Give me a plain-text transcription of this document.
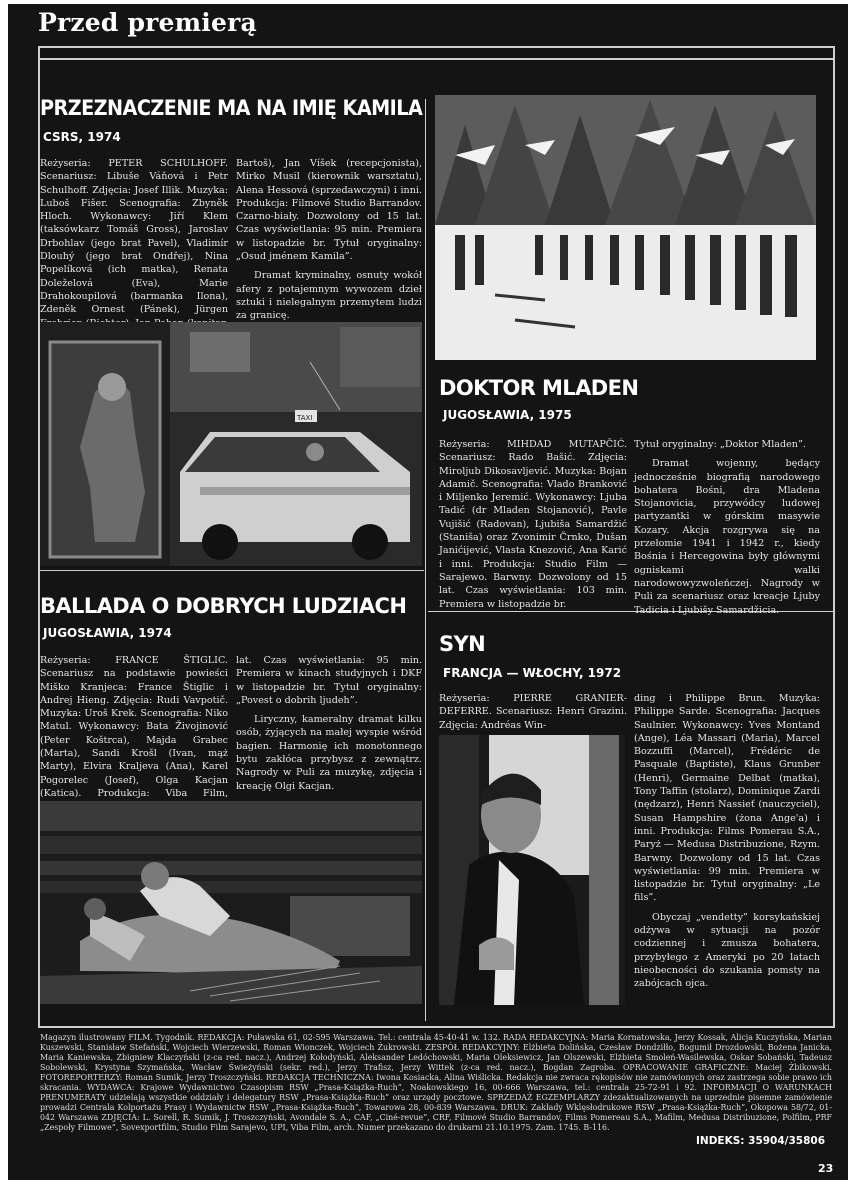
Przed premierą
PRZEZNACZENIE MA NA IMIĘ KAMILA
CSRS, 1974

Reżyseria: PETER SCHULHOFF. Scenariusz: Libuše Váňová i Petr Schulhoff. Zdjęcia: Josef Illik. Muzyka: Luboš Fišer. Scenografia: Zbyněk Hloch. Wykonawcy: Jiří Klem (taksówkarz Tomáš Gross), Jaroslav Drbohlav (jego brat Pavel), Vladimír Dlouhý (jego brat Ondřej), Nina Popelíková (ich matka), Renata Doleželová (Eva), Marie Drahokoupilová (barmanka Ilona), Zdeněk Ornest (Pánek), Jürgen

Bartoš), Jan Víšek (recepcjonista), Mirko Musil (kierownik warsztatu), Alena Hessová (sprzedawczyni) i inni. Produkcja: Filmové Studio Barrandov. Czarno-biały. Dozwolony od 15 lat. Czas wyświetlania: 95 min. Premiera w listopadzie br. Tytuł oryginalny: „Osud jménem Kamila”.

Dramat kryminalny, osnuty wokół afery z potajemnym wywozem dzieł sztuki i nielegalnym przemytem ludzi za granicę.

TAXI
BALLADA O DOBRYCH LUDZIACH
JUGOSŁAWIA, 1974

Reżyseria: FRANCE ŠTIGLIC. Scenariusz na podstawie powieści Miško Kranjeca: France Štiglic i Andrej Hieng. Zdjęcia: Rudi Vavpotič. Muzyka: Uroš Krek. Scenografia: Niko Matul. Wykonawcy: Bata Živojinović (Peter Koštrca), Majda Grabec (Marta), Sandi Krošl (Ivan, mąż Marty), Elvira Kraljeva (Ana), Karel Pogorelec (Josef), Olga Kacjan (Katica). Produkcja: Viba Film,

lat. Czas wyświetlania: 95 min. Premiera w kinach studyjnych i DKF w listopadzie br. Tytuł oryginalny: „Povest o dobrih ljudeh”.

Liryczny, kameralny dramat kilku osób, żyjących na małej wyspie wśród bagien. Harmonię ich monotonnego bytu zakłóca przybysz z zewnątrz. Nagrody w Puli za muzykę, zdjęcia i kreację Olgi Kacjan.

DOKTOR MLADEN
JUGOSŁAWIA, 1975

Reżyseria: MIHDAD MUTAPČIĆ. Scenariusz: Rado Bašić. Zdjęcia: Miroljub Dikosavljević. Muzyka: Bojan Adamič. Scenografia: Vlado Branković i Miljenko Jeremić. Wykonawcy: Ljuba Tadić (dr Mladen Stojanović), Pavle Vujišić (Radovan), Ljubiša Samardžić (Staniša) oraz Zvonimir Črnko, Dušan Janićijević, Vlasta Knezović, Ana Karić i inni. Produkcja: Studio Film — Sarajewo. Barwny. Dozwolony od 15 lat. Czas wyświetlania: 103 min. Premiera w listopadzie br.

Tytuł oryginalny: „Doktor Mladen”.

Dramat wojenny, będący jednocześnie biografią narodowego bohatera Bośni, dra Mladena Stojanovicia, przywódcy ludowej partyzantki w górskim masywie Kozary. Akcja rozgrywa się na przełomie 1941 i 1942 r., kiedy Bośnia i Hercegowina były głównymi ogniskami walki narodowowyzwoleńczej. Nagrody w Puli za scenariusz oraz kreacje Ljuby Tadicia i Ljubišy Samardžicia.

SYN
FRANCJA — WŁOCHY, 1972

Reżyseria: PIERRE GRANIER-DEFERRE. Scenariusz: Henri Grazini. Zdjęcia: Andréas Win-

ding i Philippe Brun. Muzyka: Philippe Sarde. Scenografia: Jacques Saulnier. Wykonawcy: Yves Montand (Ange), Léa Massari (Maria), Marcel Bozzuffi (Marcel), Frédéric de Pasquale (Baptiste), Klaus Grunber (Henri), Germaine Delbat (matka), Tony Taffin (stolarz), Dominique Zardi (nędzarz), Henri Nassieť (nauczyciel), Susan Hampshire (żona Ange'a) i inni. Produkcja: Films Pomerau S.A., Paryż — Medusa Distribuzione, Rzym. Barwny. Dozwolony od 15 lat. Czas wyświetlania: 99 min. Premiera w listopadzie br. Tytuł oryginalny: „Le fils”.

Obyczaj „vendetty” korsykańskiej odżywa w sytuacji na pozór codziennej i zmusza bohatera, przybyłego z Ameryki po 20 latach nieobecności do szukania pomsty na zabójcach ojca.

Magazyn ilustrowany FILM. Tygodnik. REDAKCJA: Puławska 61, 02-595 Warszawa. Tel.: centrala 45-40-41 w. 132. RADA REDAKCYJNA: Maria Kornatowska, Jerzy Kossak, Alicja Kuczyńska, Marian Kuszewski, Stanisław Stefański, Wojciech Wierzewski, Roman Wionczek, Wojciech Żukrowski. ZESPÓŁ REDAKCYJNY: Elżbieta Dolińska, Czesław Dondziłło, Bogumił Drozdowski, Bożena Janicka, Maria Kaniewska, Zbigniew Klaczyński (z-ca red. nacz.), Andrzej Kołodyński, Aleksander Ledóchowski, Maria Oleksiewicz, Jan Olszewski, Elżbieta Smoleń-Wasilewska, Oskar Sobański, Tadeusz Sobolewski, Krystyna Szymańska, Wacław Świeżyński (sekr. red.), Jerzy Trafisz, Jerzy Wittek (z-ca red. nacz.), Bogdan Zagroba. OPRACOWANIE GRAFICZNE: Maciej Żbikowski. FOTOREPORTERZY: Roman Sumik, Jerzy Troszczyński. REDAKCJA TECHNICZNA: Iwona Kosiacka, Alina Wiślicka. Redakcja nie zwraca rękopisów nie zamówionych oraz zastrzega sobie prawo ich skracania. WYDAWCA: Krajowe Wydawnictwo Czasopism RSW „Prasa-Książka-Ruch”, Noakowskiego 16, 00-666 Warszawa, tel.: centrala 25-72-91 i 92. INFORMACJI O WARUNKACH PRENUMERATY udzielają wszystkie oddziały i delegatury RSW „Prasa-Książka-Ruch” oraz urzędy pocztowe. SPRZEDAŻ EGZEMPLARZY zdezaktualizowanych na uprzednie pisemne zamówienie prowadzi Centrala Kolportażu Prasy i Wydawnictw RSW „Prasa-Książka-Ruch”, Towarowa 28, 00-839 Warszawa. DRUK: Zakłady Wklęsłodrukowe RSW „Prasa-Książka-Ruch”, Okopowa 58/72, 01-042 Warszawa ZDJĘCIA: L. Sorell, R. Sumik, J. Troszczyński, Avondale S. A., CAF, „Ciné-revue”, CRF, Filmové Studio Barrandov, Films Pomereau S.A., Mafilm, Medusa Distribuzione, Polfilm, PRF „Zespoły Filmowe”, Sovexportfilm, Studio Film Sarajevo, UPI, Viba Film, arch. Numer przekazano do drukarni 21.10.1975. Zam. 1745. B-116.
INDEKS: 35904/35806
23
